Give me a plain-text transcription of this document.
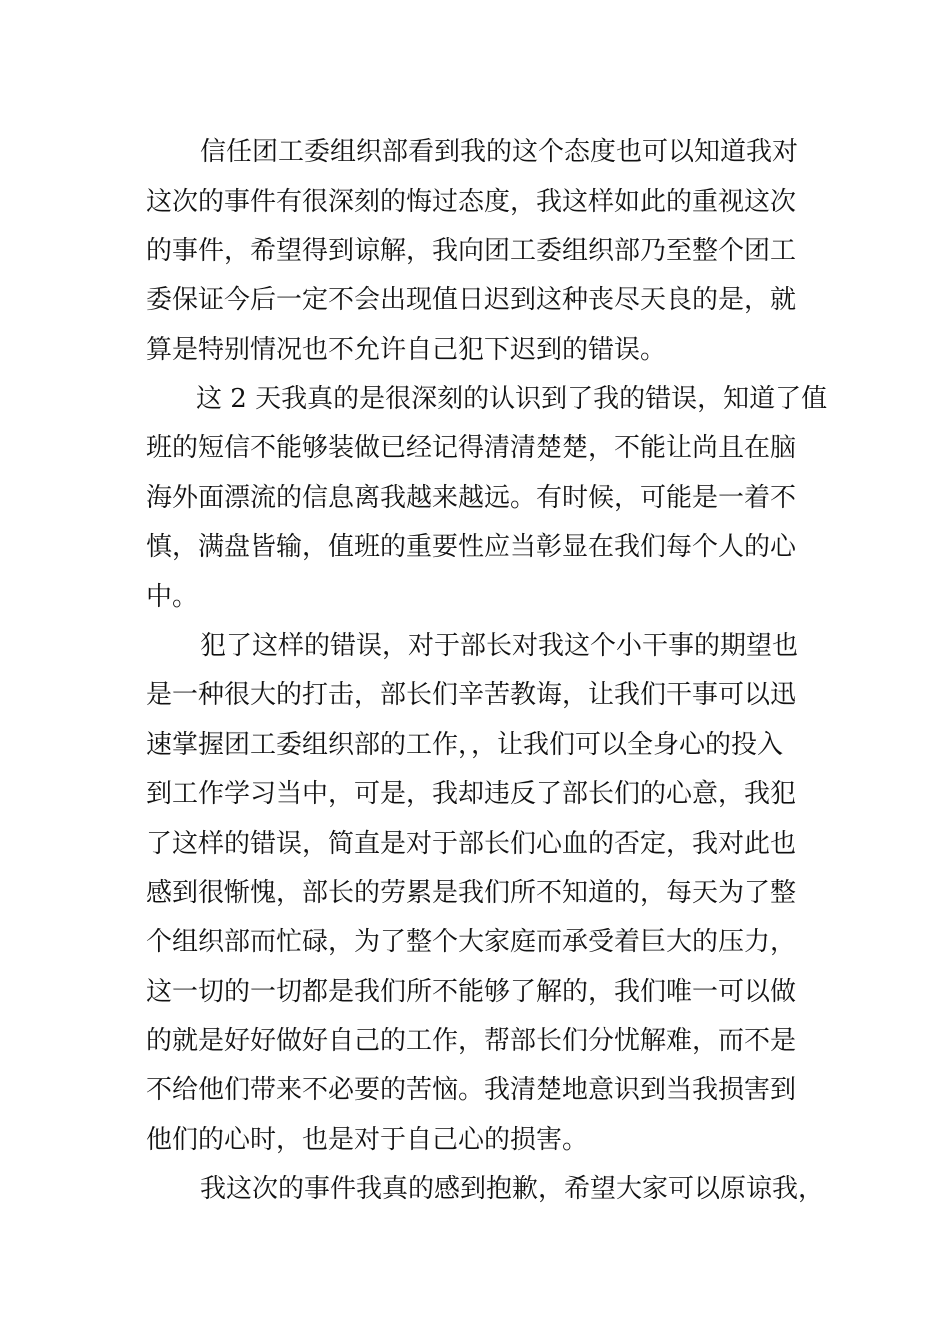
信任团工委组织部看到我的这个态度也可以知道我对
这次的事件有很深刻的悔过态度，我这样如此的重视这次
的事件，希望得到谅解，我向团工委组织部乃至整个团工
委保证今后一定不会出现值日迟到这种丧尽天良的是，就
算是特别情况也不允许自己犯下迟到的错误。
这 2 天我真的是很深刻的认识到了我的错误，知道了值
班的短信不能够装做已经记得清清楚楚，不能让尚且在脑
海外面漂流的信息离我越来越远。有时候，可能是一着不
慎，满盘皆输，值班的重要性应当彰显在我们每个人的心
中。
犯了这样的错误，对于部长对我这个小干事的期望也
是一种很大的打击，部长们辛苦教诲，让我们干事可以迅
速掌握团工委组织部的工作，，让我们可以全身心的投入
到工作学习当中，可是，我却违反了部长们的心意，我犯
了这样的错误，简直是对于部长们心血的否定，我对此也
感到很惭愧，部长的劳累是我们所不知道的，每天为了整
个组织部而忙碌，为了整个大家庭而承受着巨大的压力，
这一切的一切都是我们所不能够了解的，我们唯一可以做
的就是好好做好自己的工作，帮部长们分忧解难，而不是
不给他们带来不必要的苦恼。我清楚地意识到当我损害到
他们的心时，也是对于自己心的损害。
我这次的事件我真的感到抱歉，希望大家可以原谅我，
